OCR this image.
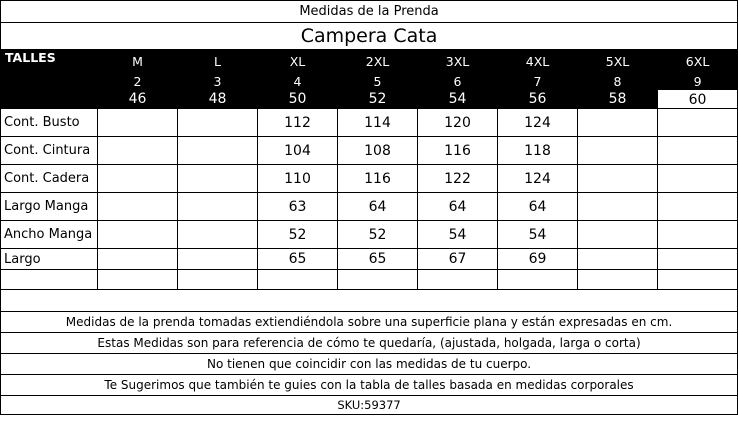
Medidas de la Prenda								
Campera Cata								
TALLES	M	L	XL	2XL	3XL	4XL	5XL	6XL
	2	3	4	5	6	7	8	9
	46	48	50	52	54	56	58	60
Cont. Busto			112	114	120	124		
Cont. Cintura			104	108	116	118		
Cont. Cadera			110	116	122	124		
Largo Manga			63	64	64	64		
Ancho Manga			52	52	54	54		
Largo			65	65	67	69		

Medidas de la prenda tomadas extiendiéndola sobre una superficie plana y están expresadas en cm.								
Estas Medidas son para referencia de cómo te quedaría, (ajustada, holgada, larga o corta)								
No tienen que coincidir con las medidas de tu cuerpo.								
Te Sugerimos que también te guies con la tabla de talles basada en medidas corporales								
SKU:59377								
